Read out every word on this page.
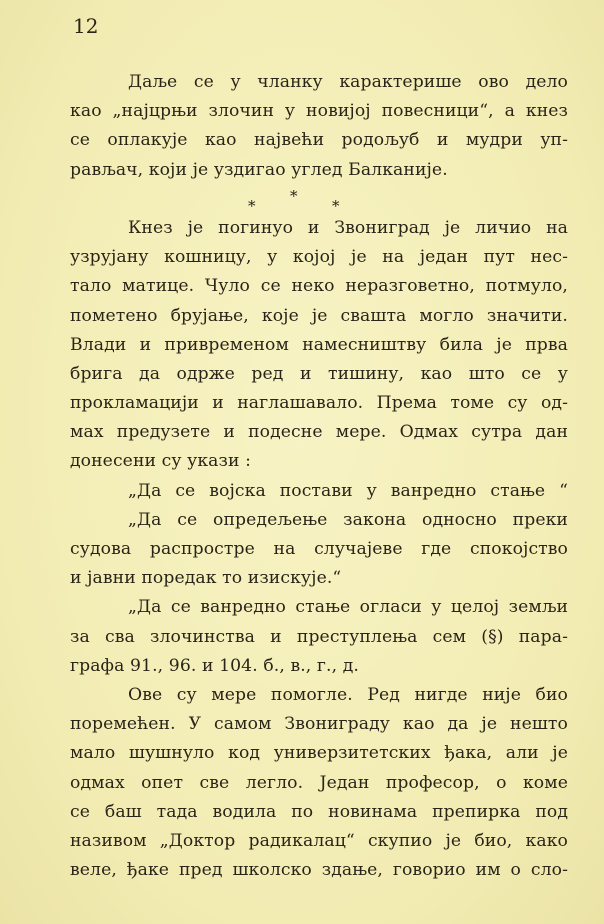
12
Даље се у чланку карактерише ово дело
као „најцрњи злочин у новијој повесници“, а кнез
се оплакује као највећи родољуб и мудри уп-
рављач, који је уздигао углед Балканије.
*
*
*
Кнез је погинуо и Звониград је личио на
узрујану кошницу, у којој је на један пут нес-
тало матице. Чуло се неко неразговетно, потмуло,
пометено брујање, које је свашта могло значити.
Влади и привременом намесништву била је прва
брига да одрже ред и тишину, као што се у
прокламацији и наглашавало. Према томе су од-
мах предузете и подесне мере. Одмах сутра дан
донесени су укази :
„Да се војска постави у ванредно стање “
„Да се опредељење закона односно преки
судова распростре на случајеве где спокојство
и јавни поредак то изискује.“
„Да се ванредно стање огласи у целој земљи
за сва злочинства и преступлења сем (§) пара-
графа 91., 96. и 104. б., в., г., д.
Ове су мере помогле. Ред нигде није био
поремећен. У самом Звониграду као да је нешто
мало шушнуло код универзитетских ђака, али је
одмах опет све легло. Један професор, о коме
се баш тада водила по новинама препирка под
називом „Доктор радикалац“ скупио је био, како
веле, ђаке пред школско здање, говорио им о сло-
